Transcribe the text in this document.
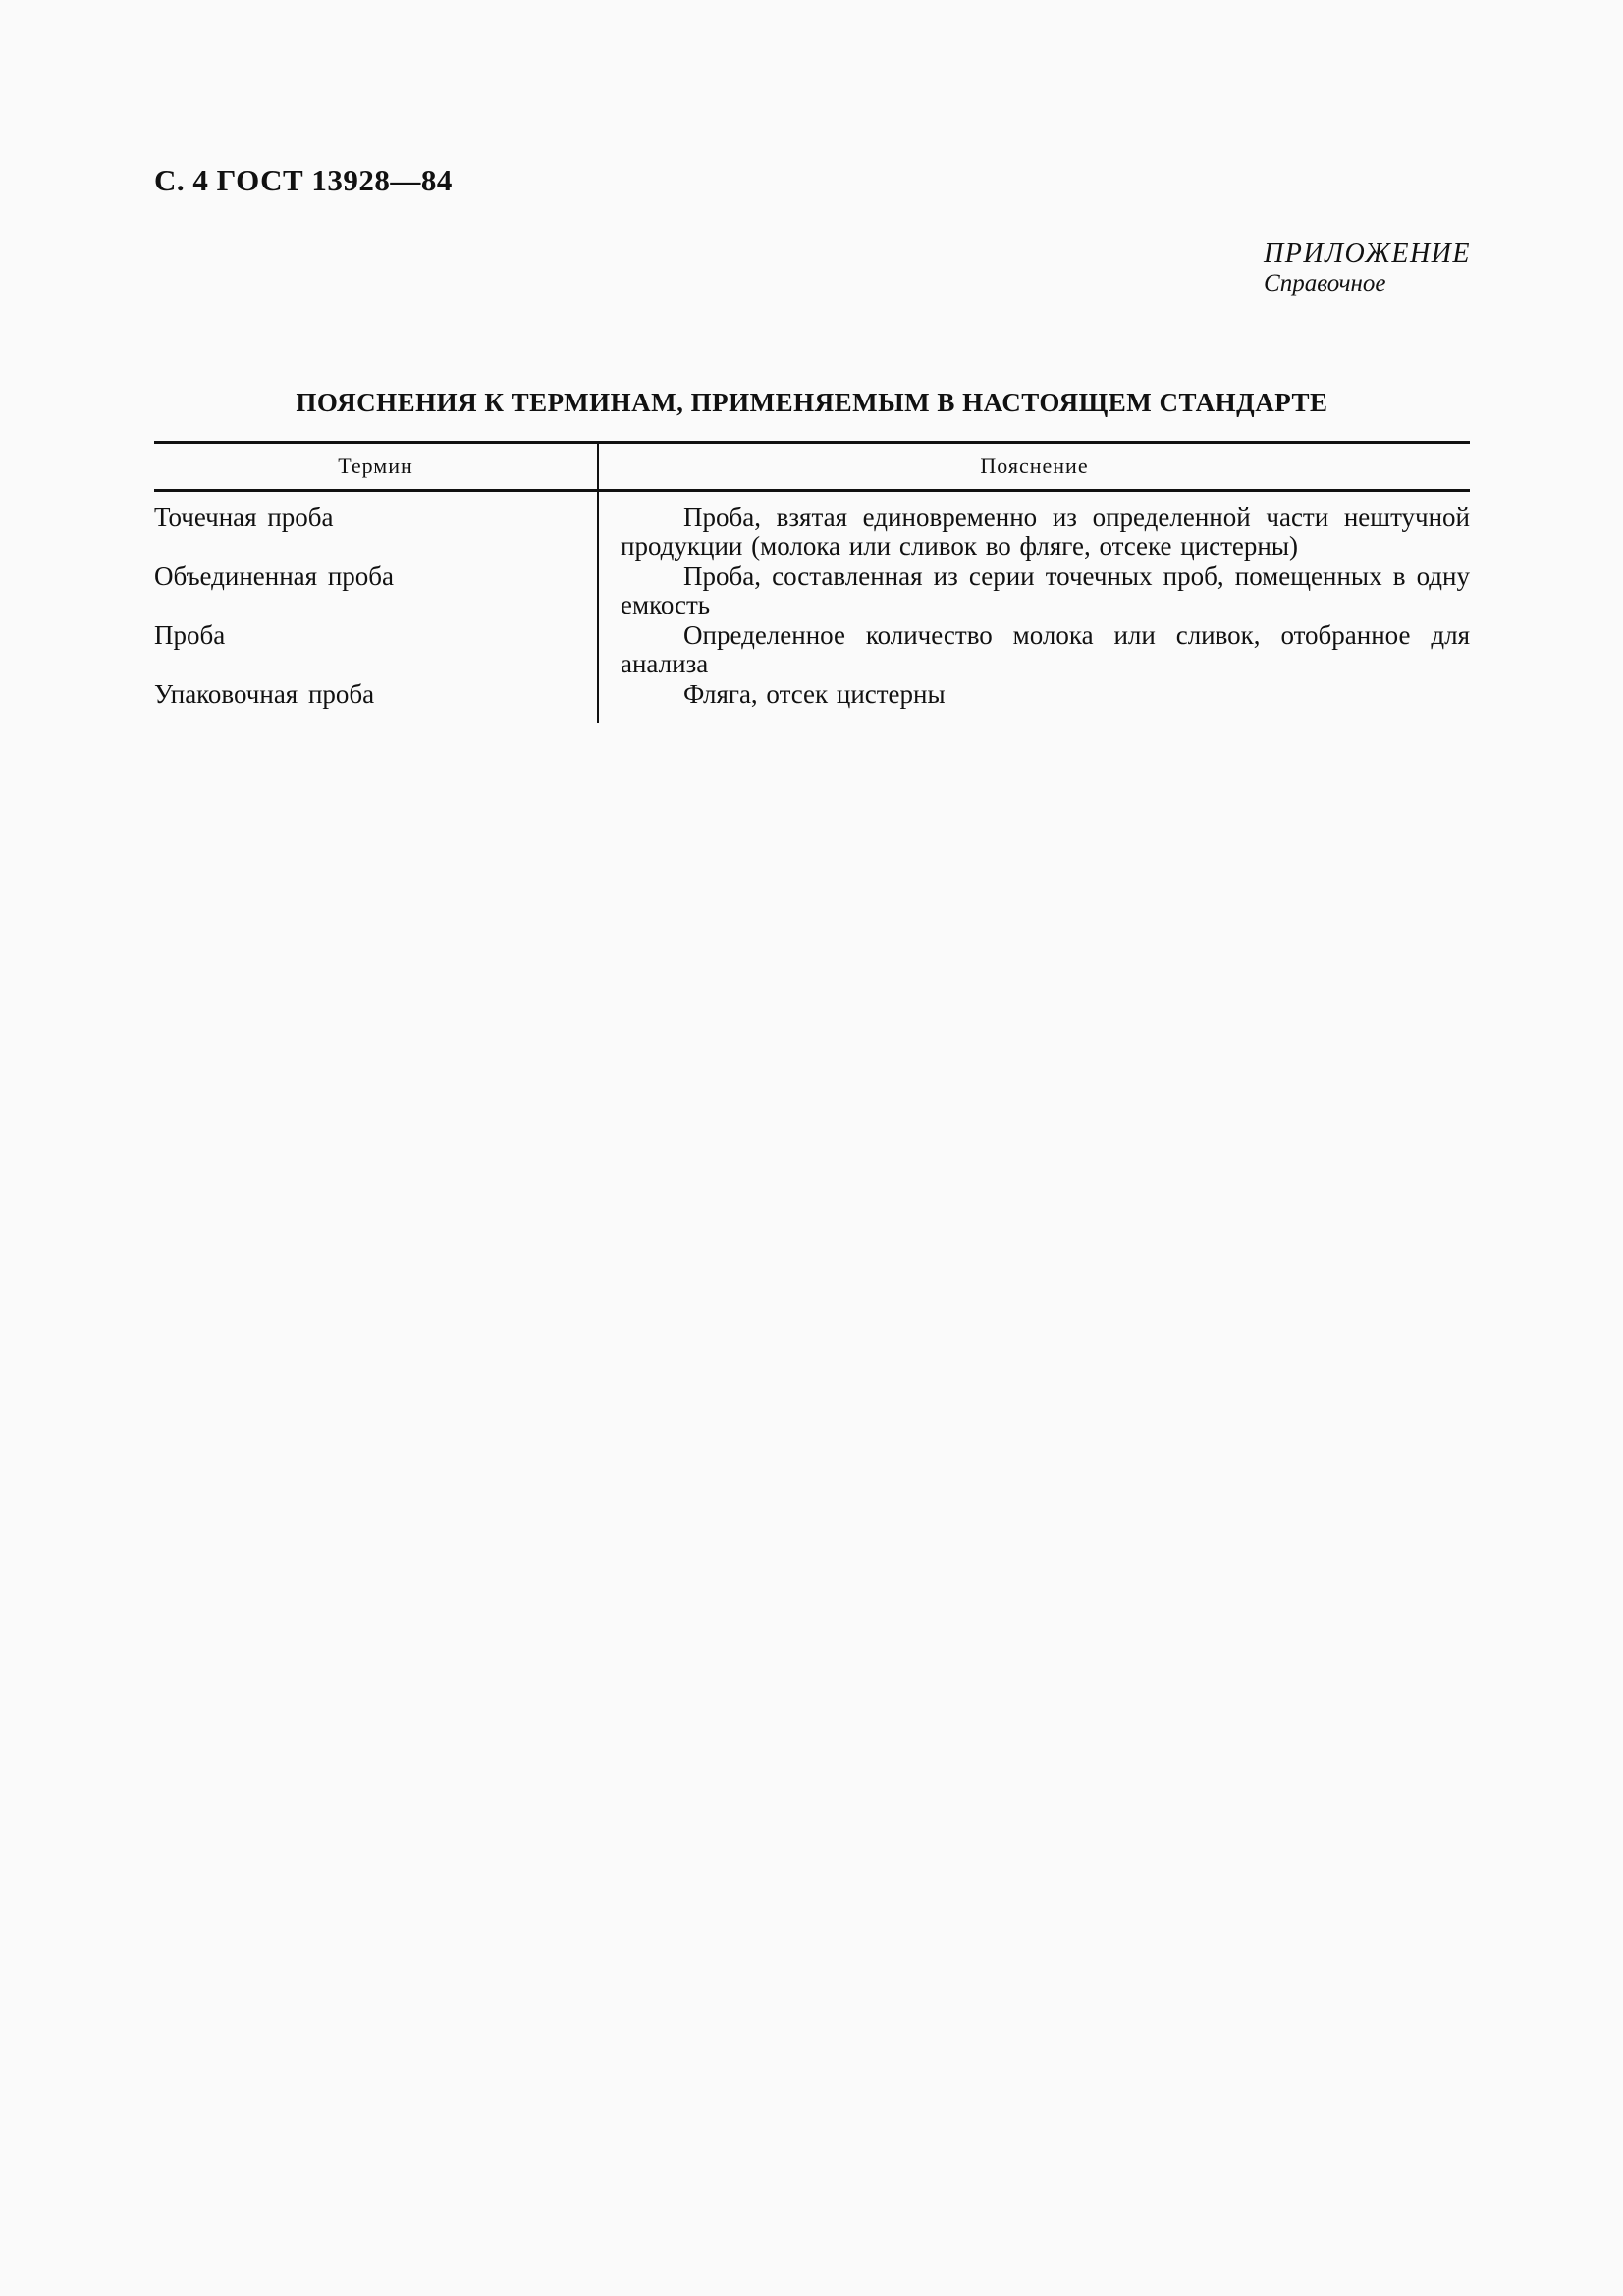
С. 4 ГОСТ 13928—84
ПРИЛОЖЕНИЕ
Справочное
ПОЯСНЕНИЯ К ТЕРМИНАМ, ПРИМЕНЯЕМЫМ В НАСТОЯЩЕМ СТАНДАРТЕ
Термин	Пояснение
Точечная проба	Проба, взятая единовременно из определенной части нештучной продукции (молока или сливок во фляге, отсеке цистерны)
Объединенная проба	Проба, составленная из серии точечных проб, помещенных в одну емкость
Проба	Определенное количество молока или сливок, отобранное для анализа
Упаковочная проба	Фляга, отсек цистерны
